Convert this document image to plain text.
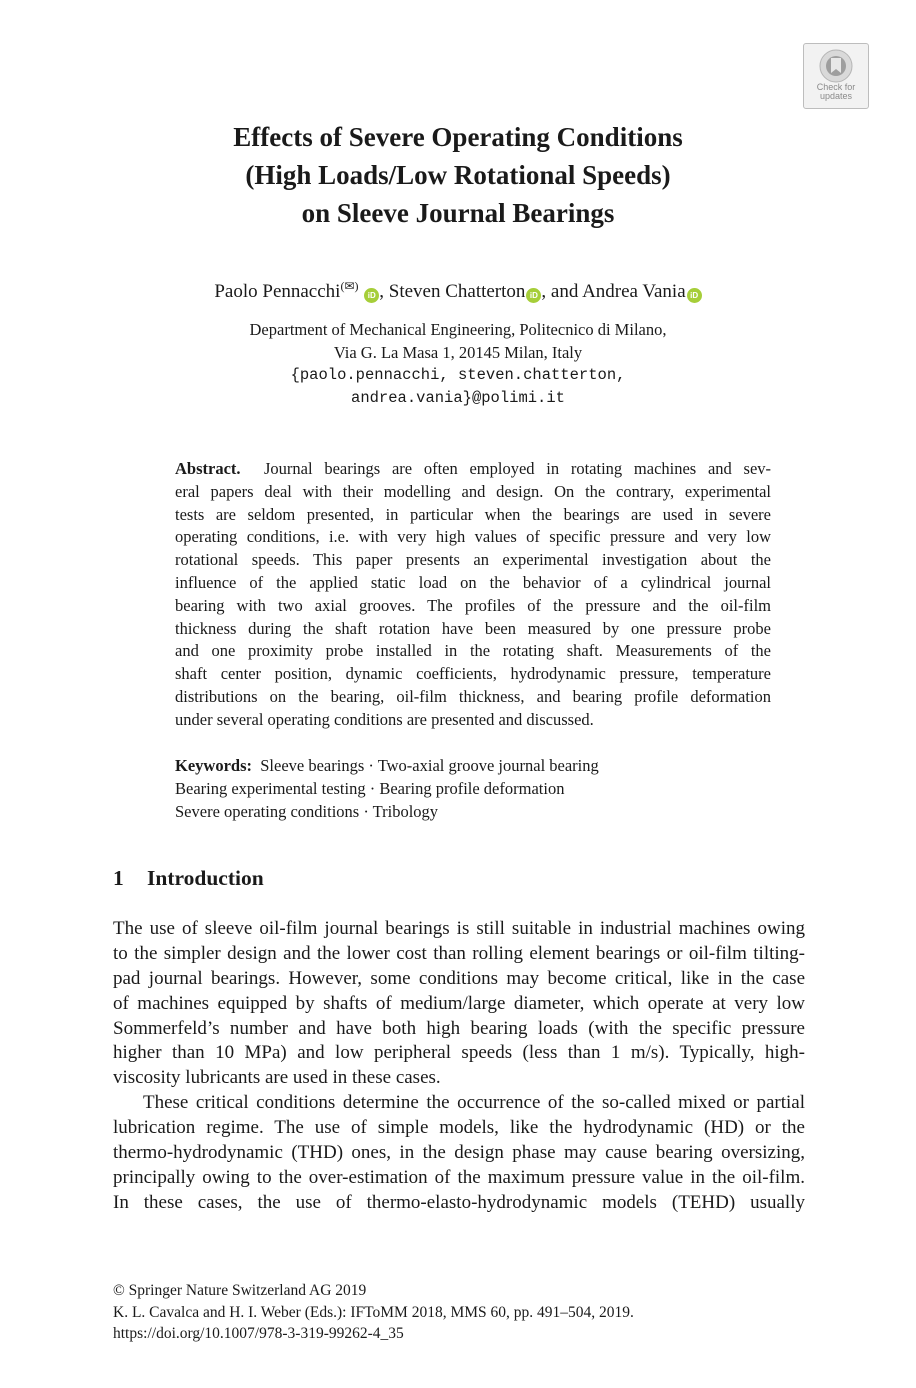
Check for
updates
Effects of Severe Operating Conditions
(High Loads/Low Rotational Speeds)
on Sleeve Journal Bearings
Paolo Pennacchi(✉) iD , Steven Chatterton iD , and Andrea Vania iD
Department of Mechanical Engineering, Politecnico di Milano,
Via G. La Masa 1, 20145 Milan, Italy
{paolo.pennacchi, steven.chatterton,
andrea.vania}@polimi.it
Abstract. Journal bearings are often employed in rotating machines and sev-
eral papers deal with their modelling and design. On the contrary, experimental
tests are seldom presented, in particular when the bearings are used in severe
operating conditions, i.e. with very high values of specific pressure and very low
rotational speeds. This paper presents an experimental investigation about the
influence of the applied static load on the behavior of a cylindrical journal
bearing with two axial grooves. The profiles of the pressure and the oil-film
thickness during the shaft rotation have been measured by one pressure probe
and one proximity probe installed in the rotating shaft. Measurements of the
shaft center position, dynamic coefficients, hydrodynamic pressure, temperature
distributions on the bearing, oil-film thickness, and bearing profile deformation
under several operating conditions are presented and discussed.
Keywords: Sleeve bearings · Two-axial groove journal bearing
Bearing experimental testing · Bearing profile deformation
Severe operating conditions · Tribology
1 Introduction
The use of sleeve oil-film journal bearings is still suitable in industrial machines owing
to the simpler design and the lower cost than rolling element bearings or oil-film tilting-
pad journal bearings. However, some conditions may become critical, like in the case
of machines equipped by shafts of medium/large diameter, which operate at very low
Sommerfeld’s number and have both high bearing loads (with the specific pressure
higher than 10 MPa) and low peripheral speeds (less than 1 m/s). Typically, high-
viscosity lubricants are used in these cases.
These critical conditions determine the occurrence of the so-called mixed or partial
lubrication regime. The use of simple models, like the hydrodynamic (HD) or the
thermo-hydrodynamic (THD) ones, in the design phase may cause bearing oversizing,
principally owing to the over-estimation of the maximum pressure value in the oil-film.
In these cases, the use of thermo-elasto-hydrodynamic models (TEHD) usually
© Springer Nature Switzerland AG 2019
K. L. Cavalca and H. I. Weber (Eds.): IFToMM 2018, MMS 60, pp. 491–504, 2019.
https://doi.org/10.1007/978-3-319-99262-4_35
